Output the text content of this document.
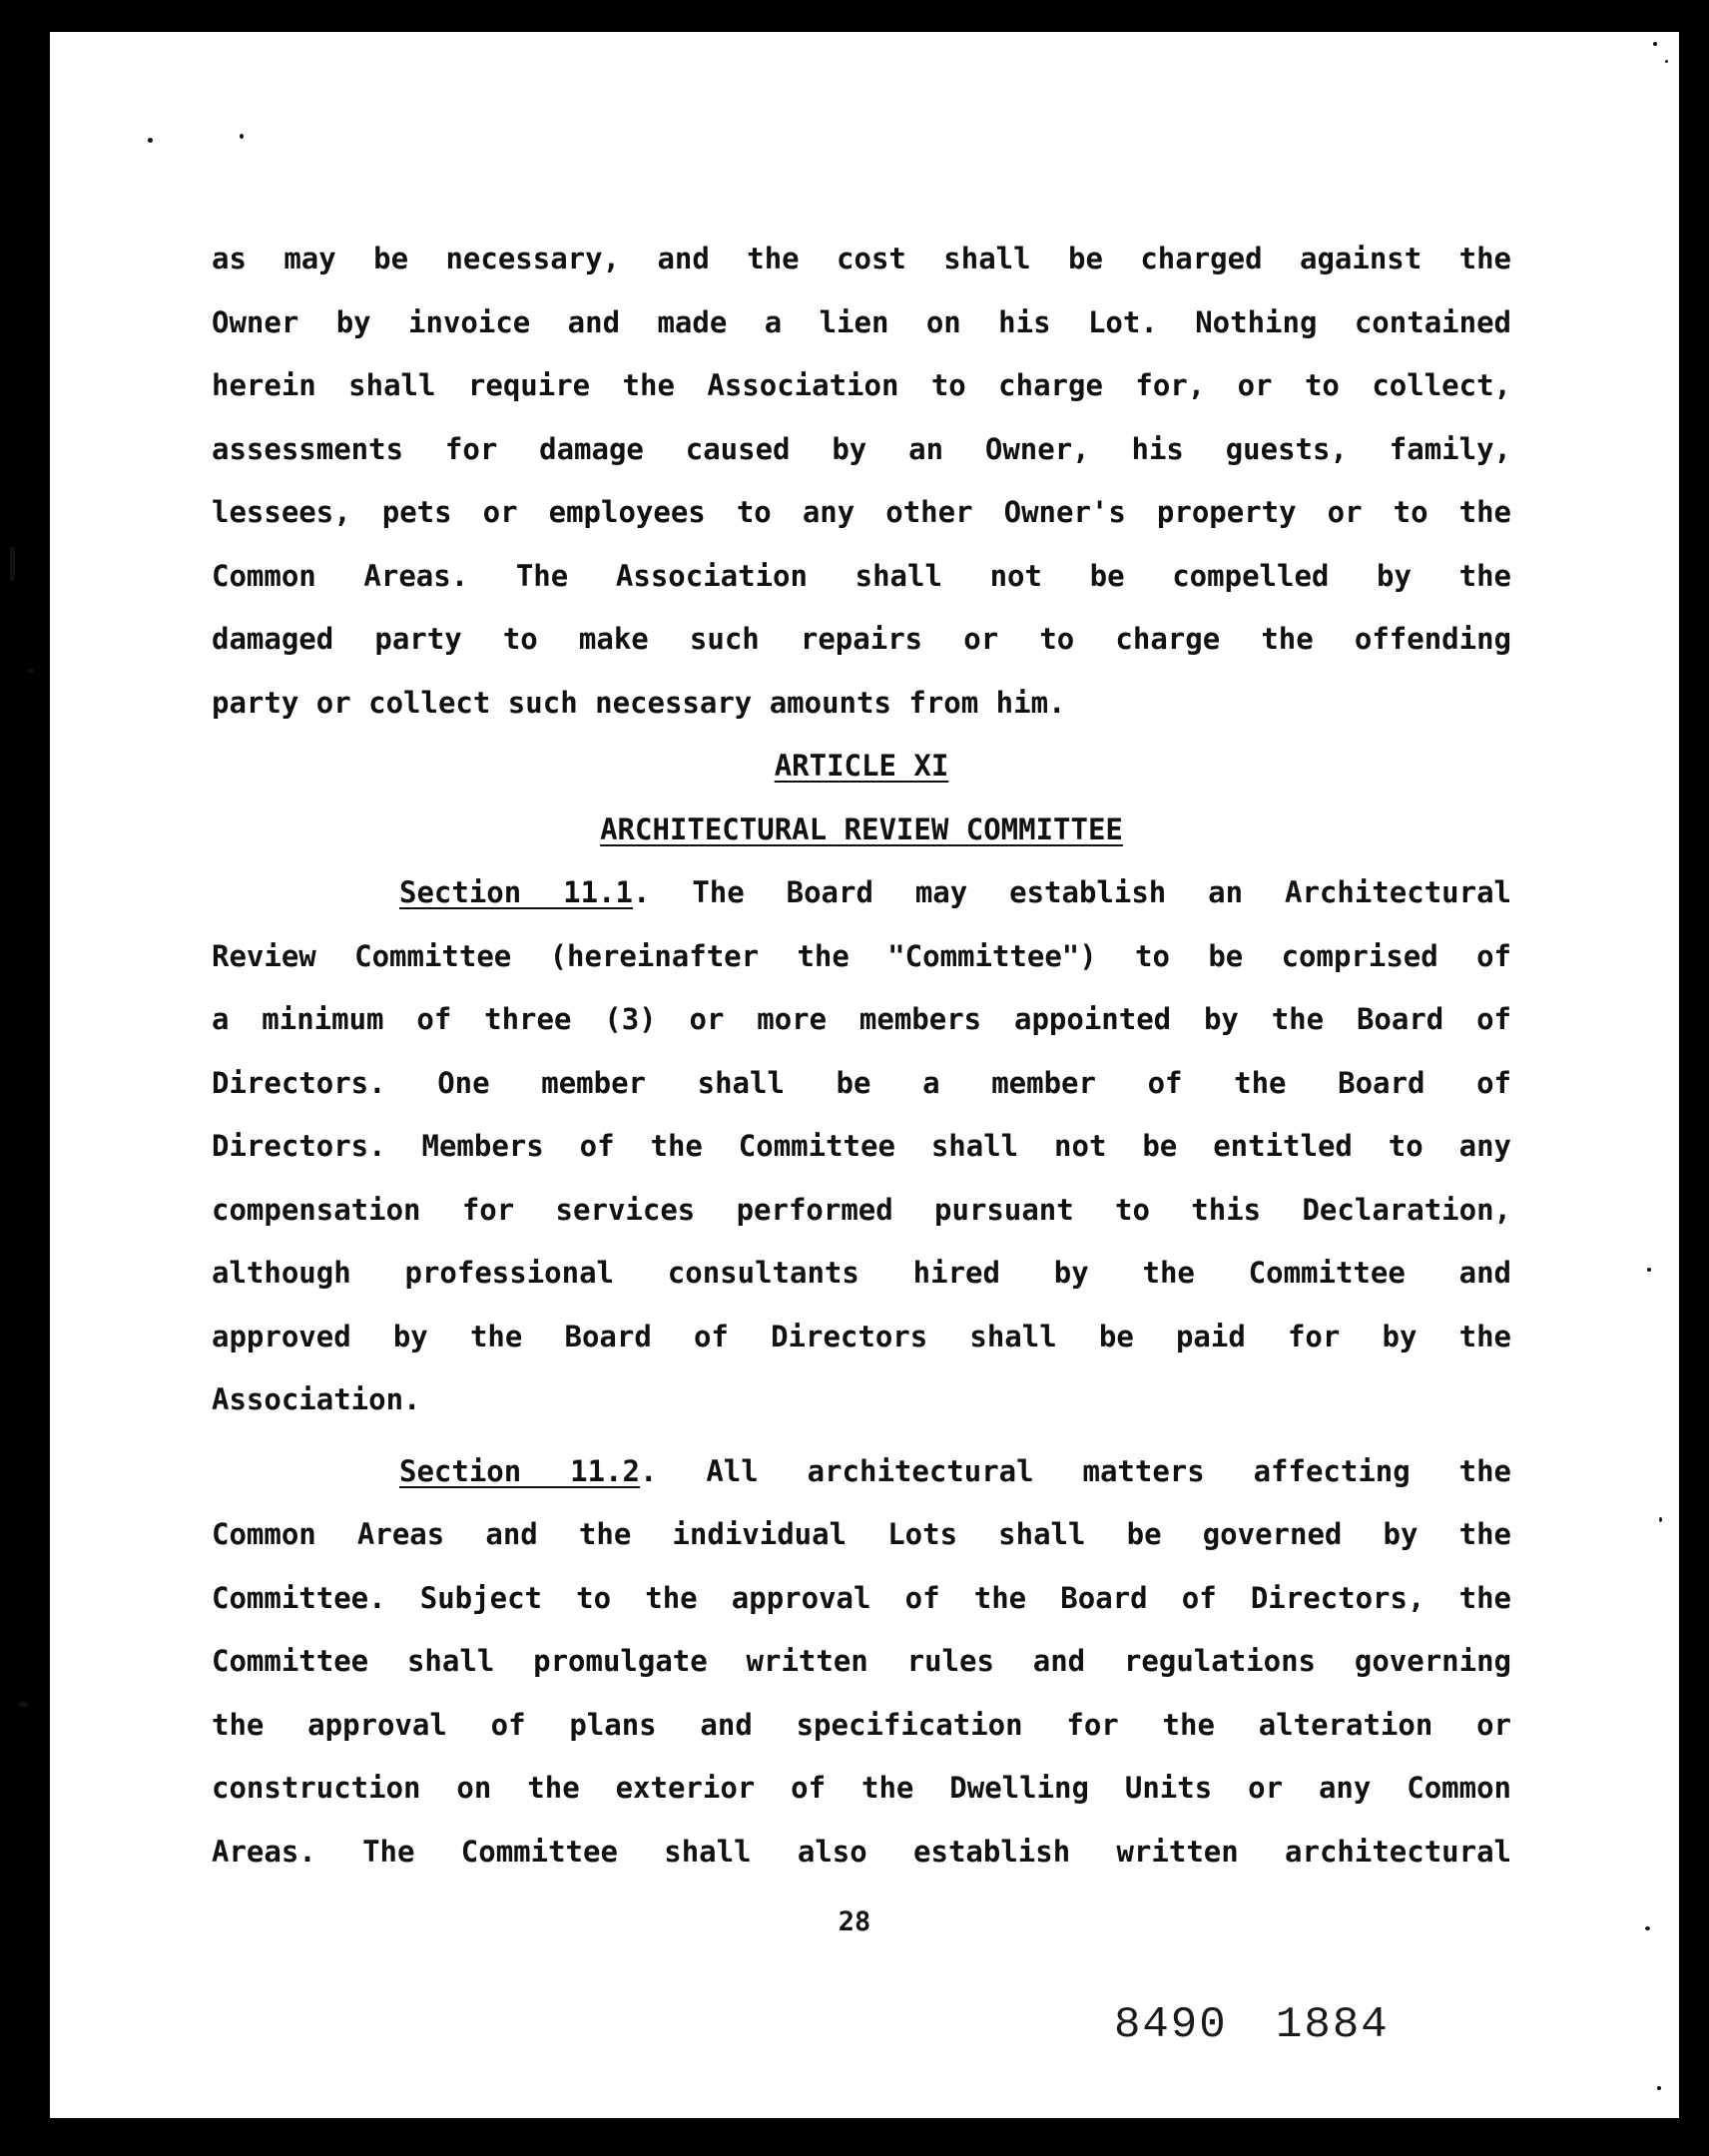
as may be necessary, and the cost shall be charged against the
Owner by invoice and made a lien on his Lot. Nothing contained
herein shall require the Association to charge for, or to collect,
assessments for damage caused by an Owner, his guests, family,
lessees, pets or employees to any other Owner's property or to the
Common Areas. The Association shall not be compelled by the
damaged party to make such repairs or to charge the offending
party or collect such necessary amounts from him.
ARTICLE XI
ARCHITECTURAL REVIEW COMMITTEE
Section 11.1. The Board may establish an Architectural
Review Committee (hereinafter the "Committee") to be comprised of
a minimum of three (3) or more members appointed by the Board of
Directors. One member shall be a member of the Board of
Directors. Members of the Committee shall not be entitled to any
compensation for services performed pursuant to this Declaration,
although professional consultants hired by the Committee and
approved by the Board of Directors shall be paid for by the
Association.
Section 11.2. All architectural matters affecting the
Common Areas and the individual Lots shall be governed by the
Committee. Subject to the approval of the Board of Directors, the
Committee shall promulgate written rules and regulations governing
the approval of plans and specification for the alteration or
construction on the exterior of the Dwelling Units or any Common
Areas. The Committee shall also establish written architectural
28
8490 1884
